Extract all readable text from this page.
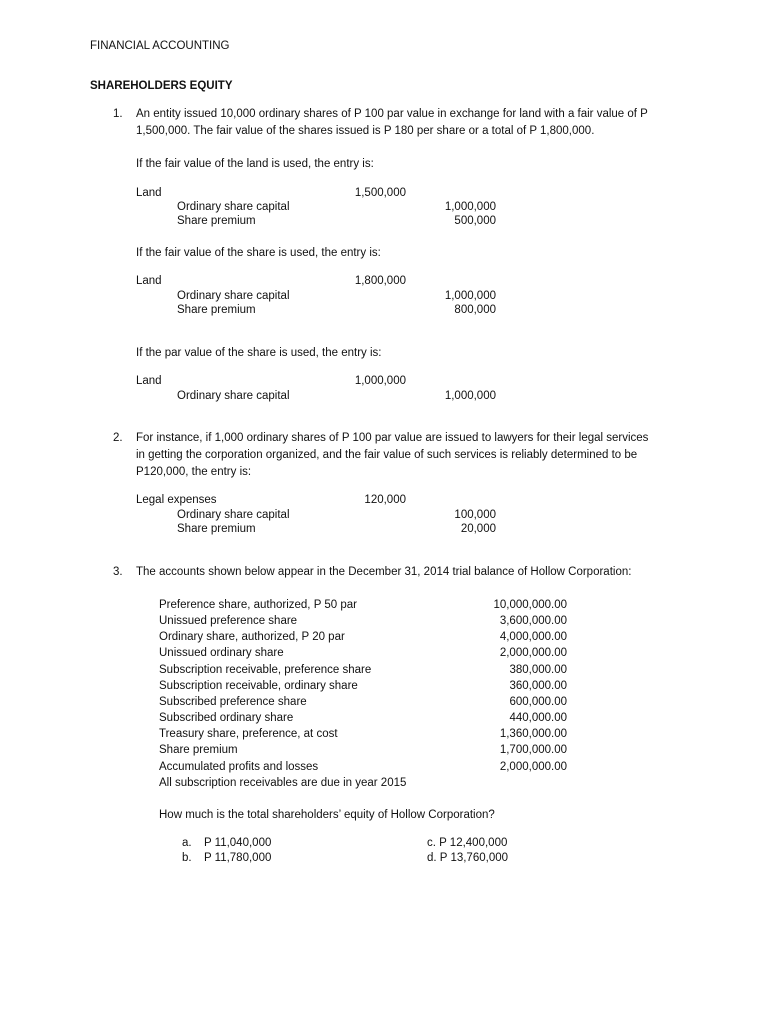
FINANCIAL ACCOUNTING
SHAREHOLDERS EQUITY
1. An entity issued 10,000 ordinary shares of P 100 par value in exchange for land with a fair value of P 1,500,000. The fair value of the shares issued is P 180 per share or a total of P 1,800,000.
If the fair value of the land is used, the entry is:
Land	1,500,000
Ordinary share capital	1,000,000
Share premium	500,000
If the fair value of the share is used, the entry is:
Land	1,800,000
Ordinary share capital	1,000,000
Share premium	800,000
If the par value of the share is used, the entry is:
Land	1,000,000
Ordinary share capital	1,000,000
2. For instance, if 1,000 ordinary shares of P 100 par value are issued to lawyers for their legal services in getting the corporation organized, and the fair value of such services is reliably determined to be P120,000, the entry is:
Legal expenses	120,000
Ordinary share capital	100,000
Share premium	20,000
3. The accounts shown below appear in the December 31, 2014 trial balance of Hollow Corporation:
Preference share, authorized, P 50 par	10,000,000.00
Unissued preference share	3,600,000.00
Ordinary share, authorized, P 20 par	4,000,000.00
Unissued ordinary share	2,000,000.00
Subscription receivable, preference share	380,000.00
Subscription receivable, ordinary share	360,000.00
Subscribed preference share	600,000.00
Subscribed ordinary share	440,000.00
Treasury share, preference, at cost	1,360,000.00
Share premium	1,700,000.00
Accumulated profits and losses	2,000,000.00
All subscription receivables are due in year 2015
How much is the total shareholders’ equity of Hollow Corporation?
a. P 11,040,000
b. P 11,780,000
c. P 12,400,000
d. P 13,760,000
